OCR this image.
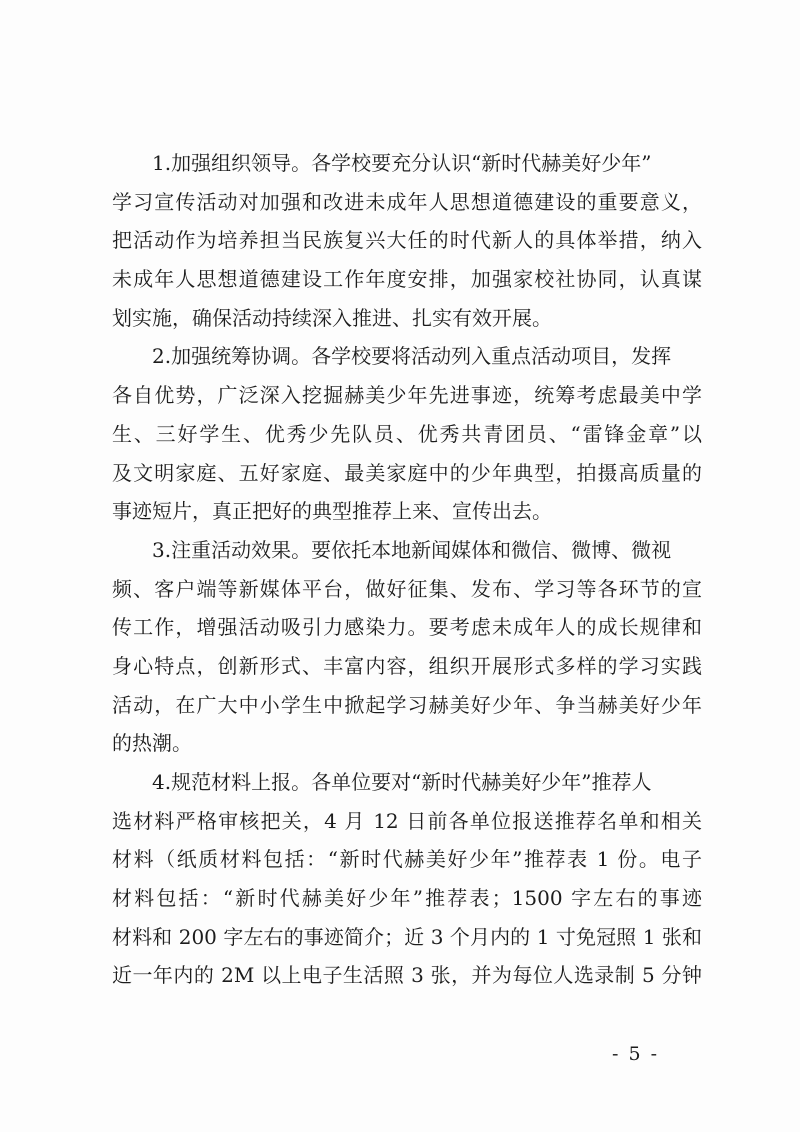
1.加强组织领导。各学校要充分认识“新时代赫美好少年”
学习宣传活动对加强和改进未成年人思想道德建设的重要意义，
把活动作为培养担当民族复兴大任的时代新人的具体举措，纳入
未成年人思想道德建设工作年度安排，加强家校社协同，认真谋
划实施，确保活动持续深入推进、扎实有效开展。
2.加强统筹协调。各学校要将活动列入重点活动项目，发挥
各自优势，广泛深入挖掘赫美少年先进事迹，统筹考虑最美中学
生、三好学生、优秀少先队员、优秀共青团员、“雷锋金章”以
及文明家庭、五好家庭、最美家庭中的少年典型，拍摄高质量的
事迹短片，真正把好的典型推荐上来、宣传出去。
3.注重活动效果。要依托本地新闻媒体和微信、微博、微视
频、客户端等新媒体平台，做好征集、发布、学习等各环节的宣
传工作，增强活动吸引力感染力。要考虑未成年人的成长规律和
身心特点，创新形式、丰富内容，组织开展形式多样的学习实践
活动，在广大中小学生中掀起学习赫美好少年、争当赫美好少年
的热潮。
4.规范材料上报。各单位要对“新时代赫美好少年”推荐人
选材料严格审核把关，4 月 12 日前各单位报送推荐名单和相关
材料（纸质材料包括：“新时代赫美好少年”推荐表 1 份。电子
材料包括：“新时代赫美好少年”推荐表；1500 字左右的事迹
材料和 200 字左右的事迹简介；近 3 个月内的 1 寸免冠照 1 张和
近一年内的 2M 以上电子生活照 3 张，并为每位人选录制 5 分钟
- 5 -
